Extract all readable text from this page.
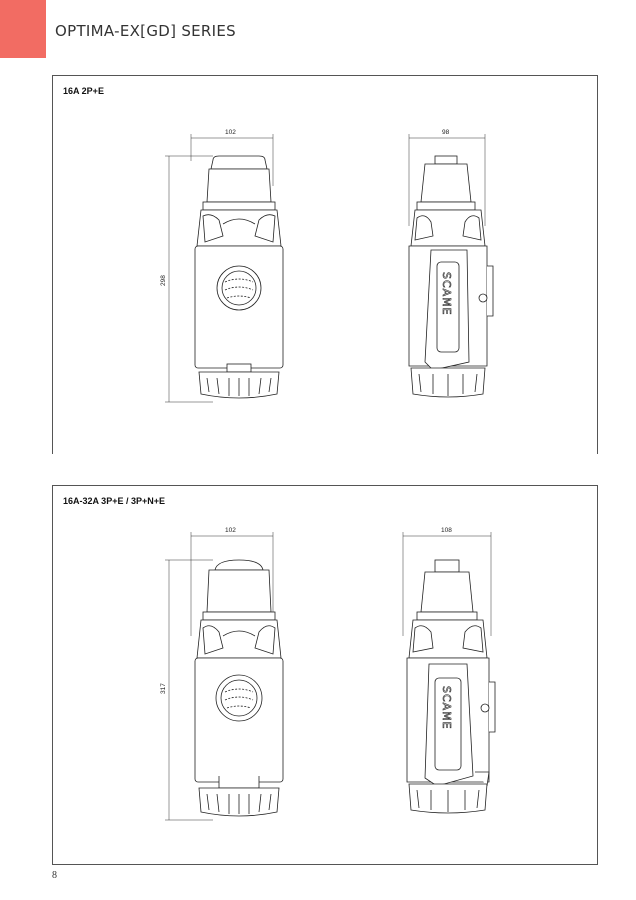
OPTIMA-EX[GD] SERIES
16A 2P+E
102
298
98
SCAME
16A-32A 3P+E / 3P+N+E
102
317
108
SCAME
8
